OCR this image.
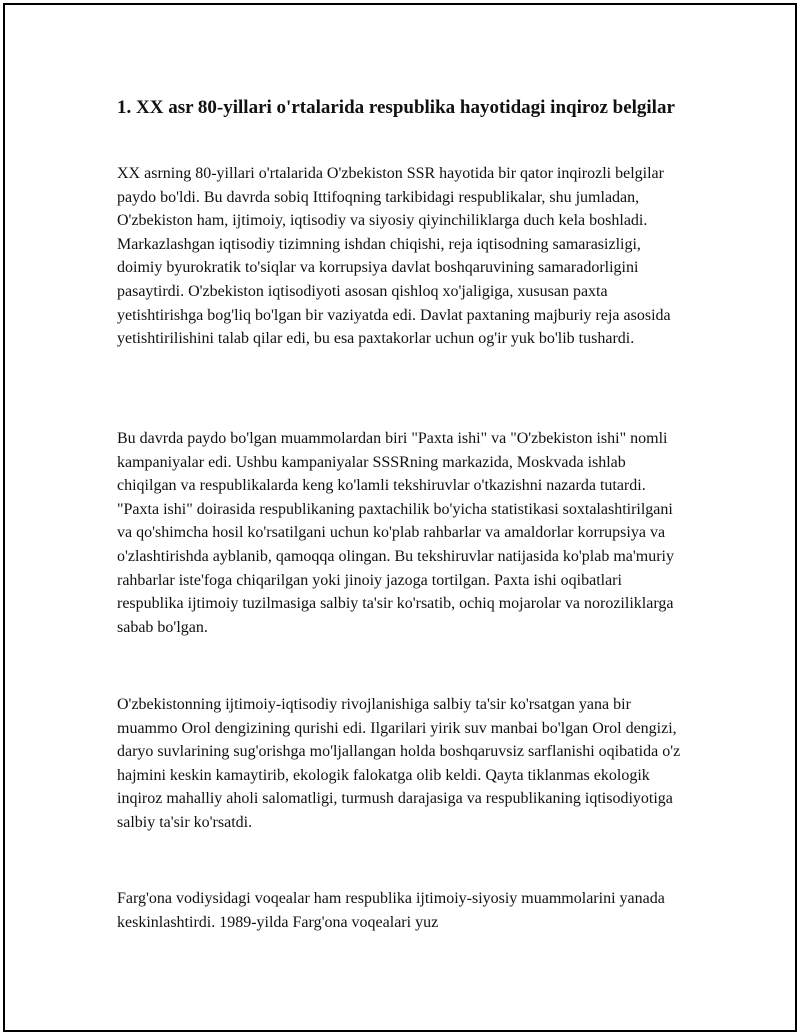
1. XX asr 80-yillari o'rtalarida respublika hayotidagi inqiroz belgilar

XX asrning 80-yillari o'rtalarida O'zbekiston SSR hayotida bir qator inqirozli belgilar paydo bo'ldi. Bu davrda sobiq Ittifoqning tarkibidagi respublikalar, shu jumladan, O'zbekiston ham, ijtimoiy, iqtisodiy va siyosiy qiyinchiliklarga duch kela boshladi. Markazlashgan iqtisodiy tizimning ishdan chiqishi, reja iqtisodning samarasizligi, doimiy byurokratik to'siqlar va korrupsiya davlat boshqaruvining samaradorligini pasaytirdi. O'zbekiston iqtisodiyoti asosan qishloq xo'jaligiga, xususan paxta yetishtirishga bog'liq bo'lgan bir vaziyatda edi. Davlat paxtaning majburiy reja asosida yetishtirilishini talab qilar edi, bu esa paxtakorlar uchun og'ir yuk bo'lib tushardi.

Bu davrda paydo bo'lgan muammolardan biri "Paxta ishi" va "O'zbekiston ishi" nomli kampaniyalar edi. Ushbu kampaniyalar SSSRning markazida, Moskvada ishlab chiqilgan va respublikalarda keng ko'lamli tekshiruvlar o'tkazishni nazarda tutardi. "Paxta ishi" doirasida respublikaning paxtachilik bo'yicha statistikasi soxtalashtirilgani va qo'shimcha hosil ko'rsatilgani uchun ko'plab rahbarlar va amaldorlar korrupsiya va o'zlashtirishda ayblanib, qamoqqa olingan. Bu tekshiruvlar natijasida ko'plab ma'muriy rahbarlar iste'foga chiqarilgan yoki jinoiy jazoga tortilgan. Paxta ishi oqibatlari respublika ijtimoiy tuzilmasiga salbiy ta'sir ko'rsatib, ochiq mojarolar va noroziliklarga sabab bo'lgan.

O'zbekistonning ijtimoiy-iqtisodiy rivojlanishiga salbiy ta'sir ko'rsatgan yana bir muammo Orol dengizining qurishi edi. Ilgarilari yirik suv manbai bo'lgan Orol dengizi, daryo suvlarining sug'orishga mo'ljallangan holda boshqaruvsiz sarflanishi oqibatida o'z hajmini keskin kamaytirib, ekologik falokatga olib keldi. Qayta tiklanmas ekologik inqiroz mahalliy aholi salomatligi, turmush darajasiga va respublikaning iqtisodiyotiga salbiy ta'sir ko'rsatdi.

Farg'ona vodiysidagi voqealar ham respublika ijtimoiy-siyosiy muammolarini yanada keskinlashtirdi. 1989-yilda Farg'ona voqealari yuz
